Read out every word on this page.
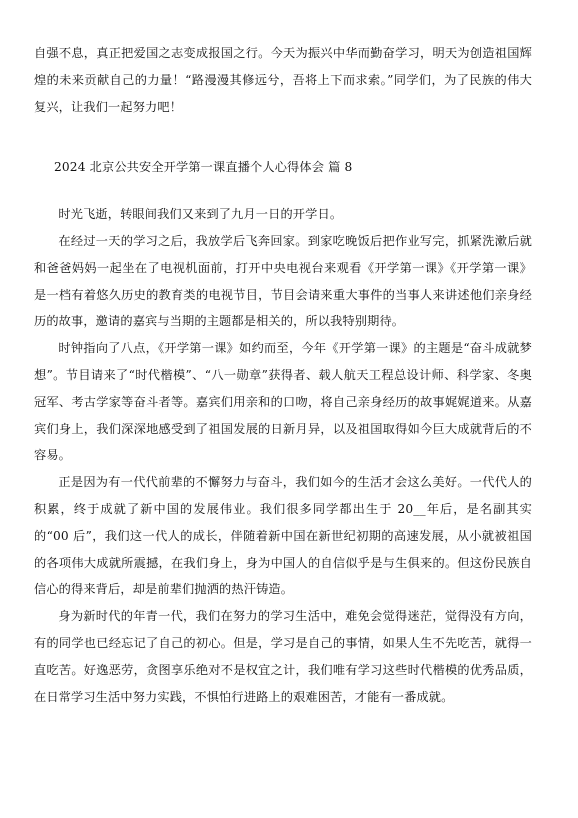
自强不息，真正把爱国之志变成报国之行。今天为振兴中华而勤奋学习，明天为创造祖国辉煌的未来贡献自己的力量！“路漫漫其修远兮，吾将上下而求索。”同学们，为了民族的伟大复兴，让我们一起努力吧！

2024 北京公共安全开学第一课直播个人心得体会 篇 8

时光飞逝，转眼间我们又来到了九月一日的开学日。

在经过一天的学习之后，我放学后飞奔回家。到家吃晚饭后把作业写完，抓紧洗漱后就和爸爸妈妈一起坐在了电视机面前，打开中央电视台来观看《开学第一课》《开学第一课》是一档有着悠久历史的教育类的电视节目，节目会请来重大事件的当事人来讲述他们亲身经历的故事，邀请的嘉宾与当期的主题都是相关的，所以我特别期待。

时钟指向了八点，《开学第一课》如约而至，今年《开学第一课》的主题是“奋斗成就梦想”。节目请来了“时代楷模”、“八一勋章”获得者、载人航天工程总设计师、科学家、冬奥冠军、考古学家等奋斗者等。嘉宾们用亲和的口吻，将自己亲身经历的故事娓娓道来。从嘉宾们身上，我们深深地感受到了祖国发展的日新月异，以及祖国取得如今巨大成就背后的不容易。

正是因为有一代代前辈的不懈努力与奋斗，我们如今的生活才会这么美好。一代代人的积累，终于成就了新中国的发展伟业。我们很多同学都出生于 20__年后，是名副其实的“00 后”，我们这一代人的成长，伴随着新中国在新世纪初期的高速发展，从小就被祖国的各项伟大成就所震撼，在我们身上，身为中国人的自信似乎是与生俱来的。但这份民族自信心的得来背后，却是前辈们抛洒的热汗铸造。

身为新时代的年青一代，我们在努力的学习生活中，难免会觉得迷茫，觉得没有方向，有的同学也已经忘记了自己的初心。但是，学习是自己的事情，如果人生不先吃苦，就得一直吃苦。好逸恶劳，贪图享乐绝对不是权宜之计，我们唯有学习这些时代楷模的优秀品质，在日常学习生活中努力实践，不惧怕行进路上的艰难困苦，才能有一番成就。
